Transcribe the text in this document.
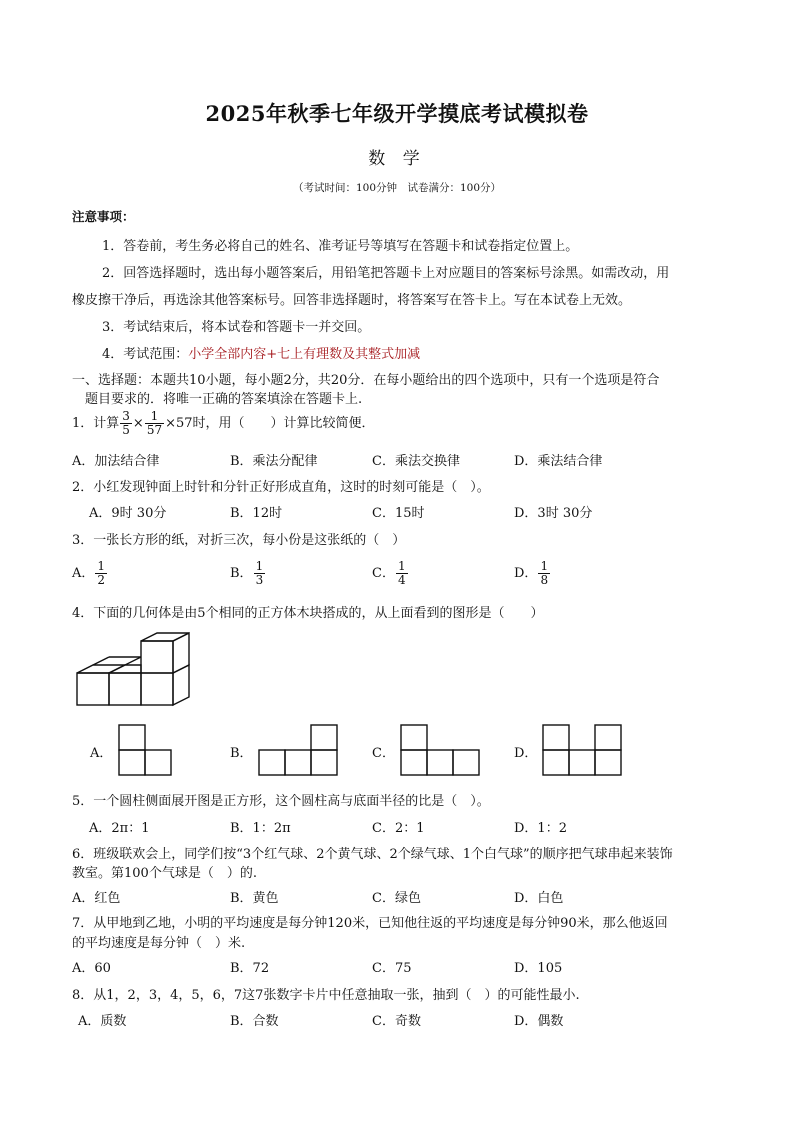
2025年秋季七年级开学摸底考试模拟卷
数 学
（考试时间：100分钟　试卷满分：100分）
注意事项：
1．答卷前，考生务必将自己的姓名、准考证号等填写在答题卡和试卷指定位置上。
2．回答选择题时，选出每小题答案后，用铅笔把答题卡上对应题目的答案标号涂黑。如需改动，用
橡皮擦干净后，再选涂其他答案标号。回答非选择题时，将答案写在答卡上。写在本试卷上无效。
3．考试结束后，将本试卷和答题卡一并交回。
4．考试范围：小学全部内容+七上有理数及其整式加减
一、选择题：本题共10小题，每小题2分，共20分．在每小题给出的四个选项中，只有一个选项是符合
题目要求的．将唯一正确的答案填涂在答题卡上.
1．计算 $\frac{3}{5} \times \frac{1}{57} \times 57$时，用（　　）计算比较简便．
A．加法结合律	B．乘法分配律	C．乘法交换律	D．乘法结合律
2．小红发现钟面上时针和分针正好形成直角，这时的时刻可能是（　）。
A．9时 30分	B．12时	C．15时	D．3时 30分
3．一张长方形的纸，对折三次，每小份是这张纸的（　）
A． $\frac{1}{2}$	B． $\frac{1}{3}$	C． $\frac{1}{4}$	D． $\frac{1}{8}$
4．下面的几何体是由5个相同的正方体木块搭成的，从上面看到的图形是（　　）
A．	B．	C．	D．
5．一个圆柱侧面展开图是正方形，这个圆柱高与底面半径的比是（　）。
A．2π：1	B．1：2π	C．2：1	D．1：2
6．班级联欢会上，同学们按“3个红气球、2个黄气球、2个绿气球、1个白气球”的顺序把气球串起来装饰
教室。第100个气球是（　）的.
A．红色	B．黄色	C．绿色	D．白色
7．从甲地到乙地，小明的平均速度是每分钟120米，已知他往返的平均速度是每分钟90米，那么他返回
的平均速度是每分钟（　）米.
A．60	B．72	C．75	D．105
8．从1，2，3，4，5，6，7这7张数字卡片中任意抽取一张，抽到（　）的可能性最小.
A．质数	B．合数	C．奇数	D．偶数
